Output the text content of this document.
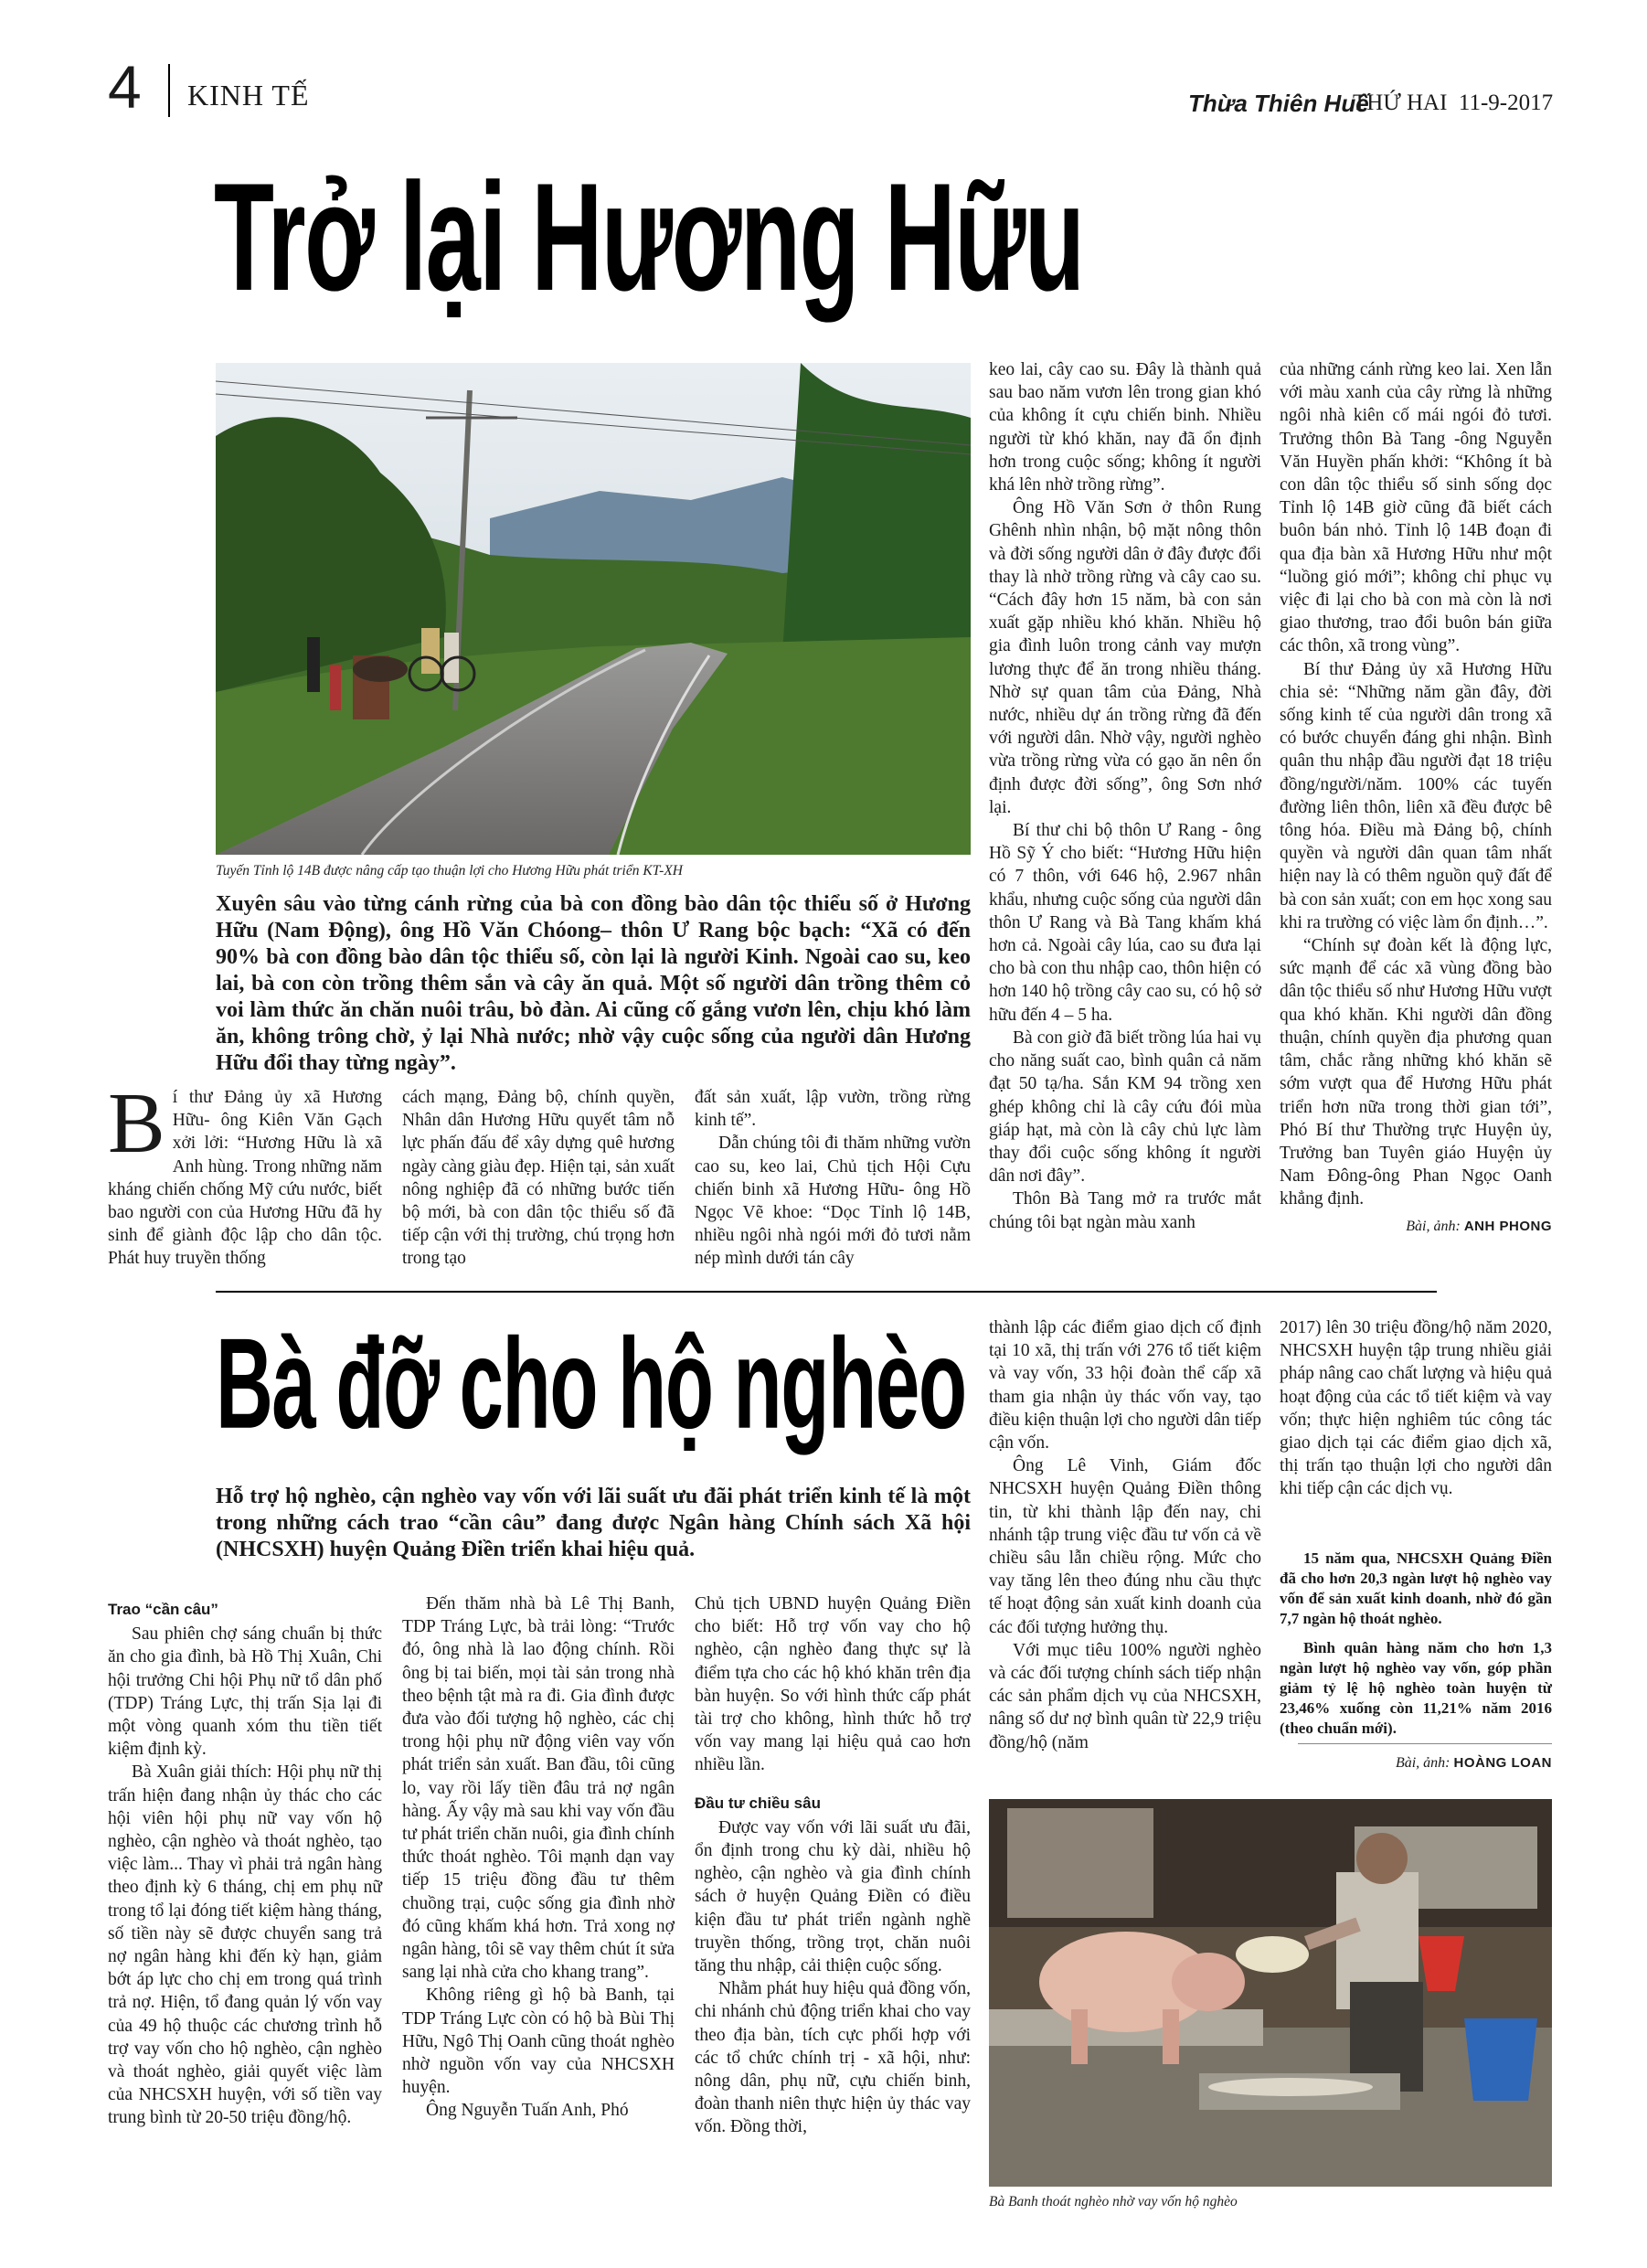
4 KINH TẾ	Thừa Thiên Huế
THỨ HAI  11-9-2017
Trở lại Hương Hữu
Tuyến Tỉnh lộ 14B được nâng cấp tạo thuận lợi cho Hương Hữu phát triển KT-XH
Xuyên sâu vào từng cánh rừng của bà con đồng bào dân tộc thiểu số ở Hương Hữu (Nam Động), ông Hồ Văn Chóong– thôn Ư Rang bộc bạch: “Xã có đến 90% bà con đồng bào dân tộc thiểu số, còn lại là người Kinh. Ngoài cao su, keo lai, bà con còn trồng thêm sắn và cây ăn quả. Một số người dân trồng thêm cỏ voi làm thức ăn chăn nuôi trâu, bò đàn. Ai cũng cố gắng vươn lên, chịu khó làm ăn, không trông chờ, ỷ lại Nhà nước; nhờ vậy cuộc sống của người dân Hương Hữu đổi thay từng ngày”.

Bí thư Đảng ủy xã Hương Hữu- ông Kiên Văn Gạch xởi lởi: “Hương Hữu là xã Anh hùng. Trong những năm kháng chiến chống Mỹ cứu nước, biết bao người con của Hương Hữu đã hy sinh để giành độc lập cho dân tộc. Phát huy truyền thống

cách mạng, Đảng bộ, chính quyền, Nhân dân Hương Hữu quyết tâm nỗ lực phấn đấu để xây dựng quê hương ngày càng giàu đẹp. Hiện tại, sản xuất nông nghiệp đã có những bước tiến bộ mới, bà con dân tộc thiểu số đã tiếp cận với thị trường, chú trọng hơn trong tạo

đất sản xuất, lập vườn, trồng rừng kinh tế”.

Dẫn chúng tôi đi thăm những vườn cao su, keo lai, Chủ tịch Hội Cựu chiến binh xã Hương Hữu- ông Hồ Ngọc Vẽ khoe: “Dọc Tỉnh lộ 14B, nhiều ngôi nhà ngói mới đỏ tươi nằm nép mình dưới tán cây

keo lai, cây cao su. Đây là thành quả sau bao năm vươn lên trong gian khó của không ít cựu chiến binh. Nhiều người từ khó khăn, nay đã ổn định hơn trong cuộc sống; không ít người khá lên nhờ trồng rừng”.

Ông Hồ Văn Sơn ở thôn Rung Ghênh nhìn nhận, bộ mặt nông thôn và đời sống người dân ở đây được đổi thay là nhờ trồng rừng và cây cao su. “Cách đây hơn 15 năm, bà con sản xuất gặp nhiều khó khăn. Nhiều hộ gia đình luôn trong cảnh vay mượn lương thực để ăn trong nhiều tháng. Nhờ sự quan tâm của Đảng, Nhà nước, nhiều dự án trồng rừng đã đến với người dân. Nhờ vậy, người nghèo vừa trồng rừng vừa có gạo ăn nên ổn định được đời sống”, ông Sơn nhớ lại.

Bí thư chi bộ thôn Ư Rang - ông Hồ Sỹ Ý cho biết: “Hương Hữu hiện có 7 thôn, với 646 hộ, 2.967 nhân khẩu, nhưng cuộc sống của người dân thôn Ư Rang và Bà Tang khấm khá hơn cả. Ngoài cây lúa, cao su đưa lại cho bà con thu nhập cao, thôn hiện có hơn 140 hộ trồng cây cao su, có hộ sở hữu đến 4 – 5 ha.

Bà con giờ đã biết trồng lúa hai vụ cho năng suất cao, bình quân cả năm đạt 50 tạ/ha. Sắn KM 94 trồng xen ghép không chỉ là cây cứu đói mùa giáp hạt, mà còn là cây chủ lực làm thay đổi cuộc sống không ít người dân nơi đây”.

Thôn Bà Tang mở ra trước mắt chúng tôi bạt ngàn màu xanh

của những cánh rừng keo lai. Xen lẫn với màu xanh của cây rừng là những ngôi nhà kiên cố mái ngói đỏ tươi. Trưởng thôn Bà Tang -ông Nguyễn Văn Huyền phấn khởi: “Không ít bà con dân tộc thiểu số sinh sống dọc Tỉnh lộ 14B giờ cũng đã biết cách buôn bán nhỏ. Tỉnh lộ 14B đoạn đi qua địa bàn xã Hương Hữu như một “luồng gió mới”; không chỉ phục vụ việc đi lại cho bà con mà còn là nơi giao thương, trao đổi buôn bán giữa các thôn, xã trong vùng”.

Bí thư Đảng ủy xã Hương Hữu chia sẻ: “Những năm gần đây, đời sống kinh tế của người dân trong xã có bước chuyển đáng ghi nhận. Bình quân thu nhập đầu người đạt 18 triệu đồng/người/năm. 100% các tuyến đường liên thôn, liên xã đều được bê tông hóa. Điều mà Đảng bộ, chính quyền và người dân quan tâm nhất hiện nay là có thêm nguồn quỹ đất để bà con sản xuất; con em học xong sau khi ra trường có việc làm ổn định…”.

“Chính sự đoàn kết là động lực, sức mạnh để các xã vùng đồng bào dân tộc thiểu số như Hương Hữu vượt qua khó khăn. Khi người dân đồng thuận, chính quyền địa phương quan tâm, chắc rằng những khó khăn sẽ sớm vượt qua để Hương Hữu phát triển hơn nữa trong thời gian tới”, Phó Bí thư Thường trực Huyện ủy, Trưởng ban Tuyên giáo Huyện ủy Nam Đông-ông Phan Ngọc Oanh khẳng định.

Bài, ảnh: ANH PHONG

Bà đỡ cho hộ nghèo
Hỗ trợ hộ nghèo, cận nghèo vay vốn với lãi suất ưu đãi phát triển kinh tế là một trong những cách trao “cần câu” đang được Ngân hàng Chính sách Xã hội (NHCSXH) huyện Quảng Điền triển khai hiệu quả.

Trao “cần câu”

Sau phiên chợ sáng chuẩn bị thức ăn cho gia đình, bà Hồ Thị Xuân, Chi hội trưởng Chi hội Phụ nữ tổ dân phố (TDP) Tráng Lực, thị trấn Sịa lại đi một vòng quanh xóm thu tiền tiết kiệm định kỳ.

Bà Xuân giải thích: Hội phụ nữ thị trấn hiện đang nhận ủy thác cho các hội viên hội phụ nữ vay vốn hộ nghèo, cận nghèo và thoát nghèo, tạo việc làm... Thay vì phải trả ngân hàng theo định kỳ 6 tháng, chị em phụ nữ trong tổ lại đóng tiết kiệm hàng tháng, số tiền này sẽ được chuyển sang trả nợ ngân hàng khi đến kỳ hạn, giảm bớt áp lực cho chị em trong quá trình trả nợ. Hiện, tổ đang quản lý vốn vay của 49 hộ thuộc các chương trình hỗ trợ vay vốn cho hộ nghèo, cận nghèo và thoát nghèo, giải quyết việc làm của NHCSXH huyện, với số tiền vay trung bình từ 20-50 triệu đồng/hộ.

Đến thăm nhà bà Lê Thị Banh, TDP Tráng Lực, bà trải lòng: “Trước đó, ông nhà là lao động chính. Rồi ông bị tai biến, mọi tài sản trong nhà theo bệnh tật mà ra đi. Gia đình được đưa vào đối tượng hộ nghèo, các chị trong hội phụ nữ động viên vay vốn phát triển sản xuất. Ban đầu, tôi cũng lo, vay rồi lấy tiền đâu trả nợ ngân hàng. Ấy vậy mà sau khi vay vốn đầu tư phát triển chăn nuôi, gia đình chính thức thoát nghèo. Tôi mạnh dạn vay tiếp 15 triệu đồng đầu tư thêm chuồng trại, cuộc sống gia đình nhờ đó cũng khấm khá hơn. Trả xong nợ ngân hàng, tôi sẽ vay thêm chút ít sửa sang lại nhà cửa cho khang trang”.

Không riêng gì hộ bà Banh, tại TDP Tráng Lực còn có hộ bà Bùi Thị Hữu, Ngô Thị Oanh cũng thoát nghèo nhờ nguồn vốn vay của NHCSXH huyện.

Ông Nguyễn Tuấn Anh, Phó

Chủ tịch UBND huyện Quảng Điền cho biết: Hỗ trợ vốn vay cho hộ nghèo, cận nghèo đang thực sự là điểm tựa cho các hộ khó khăn trên địa bàn huyện. So với hình thức cấp phát tài trợ cho không, hình thức hỗ trợ vốn vay mang lại hiệu quả cao hơn nhiều lần.

Đầu tư chiều sâu

Được vay vốn với lãi suất ưu đãi, ổn định trong chu kỳ dài, nhiều hộ nghèo, cận nghèo và gia đình chính sách ở huyện Quảng Điền có điều kiện đầu tư phát triển ngành nghề truyền thống, trồng trọt, chăn nuôi tăng thu nhập, cải thiện cuộc sống.

Nhằm phát huy hiệu quả đồng vốn, chi nhánh chủ động triển khai cho vay theo địa bàn, tích cực phối hợp với các tổ chức chính trị - xã hội, như: nông dân, phụ nữ, cựu chiến binh, đoàn thanh niên thực hiện ủy thác vay vốn. Đồng thời,

thành lập các điểm giao dịch cố định tại 10 xã, thị trấn với 276 tổ tiết kiệm và vay vốn, 33 hội đoàn thể cấp xã tham gia nhận ủy thác vốn vay, tạo điều kiện thuận lợi cho người dân tiếp cận vốn.

Ông Lê Vinh, Giám đốc NHCSXH huyện Quảng Điền thông tin, từ khi thành lập đến nay, chi nhánh tập trung việc đầu tư vốn cả về chiều sâu lẫn chiều rộng. Mức cho vay tăng lên theo đúng nhu cầu thực tế hoạt động sản xuất kinh doanh của các đối tượng hưởng thụ.

Với mục tiêu 100% người nghèo và các đối tượng chính sách tiếp nhận các sản phẩm dịch vụ của NHCSXH, nâng số dư nợ bình quân từ 22,9 triệu đồng/hộ (năm

2017) lên 30 triệu đồng/hộ năm 2020, NHCSXH huyện tập trung nhiều giải pháp nâng cao chất lượng và hiệu quả hoạt động của các tổ tiết kiệm và vay vốn; thực hiện nghiêm túc công tác giao dịch tại các điểm giao dịch xã, thị trấn tạo thuận lợi cho người dân khi tiếp cận các dịch vụ.

15 năm qua, NHCSXH Quảng Điền đã cho hơn 20,3 ngàn lượt hộ nghèo vay vốn để sản xuất kinh doanh, nhờ đó gần 7,7 ngàn hộ thoát nghèo.

Bình quân hàng năm cho hơn 1,3 ngàn lượt hộ nghèo vay vốn, góp phần giảm tỷ lệ hộ nghèo toàn huyện từ 23,46% xuống còn 11,21% năm 2016 (theo chuẩn mới).

Bài, ảnh: HOÀNG LOAN
Bà Banh thoát nghèo nhờ vay vốn hộ nghèo
